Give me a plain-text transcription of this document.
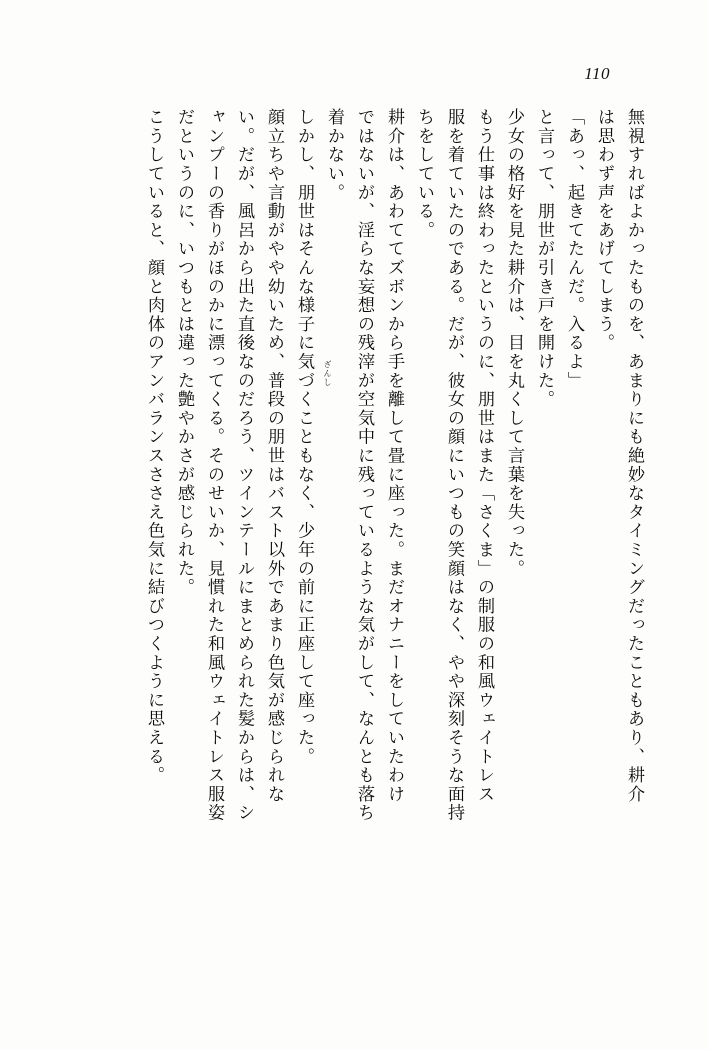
110
無視すればよかったものを、あまりにも絶妙なタイミングだったこともあり、耕介
は思わず声をあげてしまう。
「あっ、起きてたんだ。入るよ」
と言って、朋世が引き戸を開けた。
少女の格好を見た耕介は、目を丸くして言葉を失った。
もう仕事は終わったというのに、朋世はまた「さくま」の制服の和風ウェイトレス
服を着ていたのである。だが、彼女の顔にいつもの笑顔はなく、やや深刻そうな面持
ちをしている。
耕介は、あわててズボンから手を離して畳に座った。まだオナニーをしていたわけ
ではないが、淫らな妄想の残滓が空気中に残っているような気がして、なんとも落ち
着かない。
しかし、朋世はそんな様子に気づくこともなく、少年の前に正座して座った。
顔立ちや言動がやや幼いため、普段の朋世はバスト以外であまり色気が感じられな
い。だが、風呂から出た直後なのだろう、ツインテールにまとめられた髪からは、シ
ャンプーの香りがほのかに漂ってくる。そのせいか、見慣れた和風ウェイトレス服姿
だというのに、いつもとは違った艶やかさが感じられた。
こうしていると、顔と肉体のアンバランスささえ色気に結びつくように思える。	ざんし
